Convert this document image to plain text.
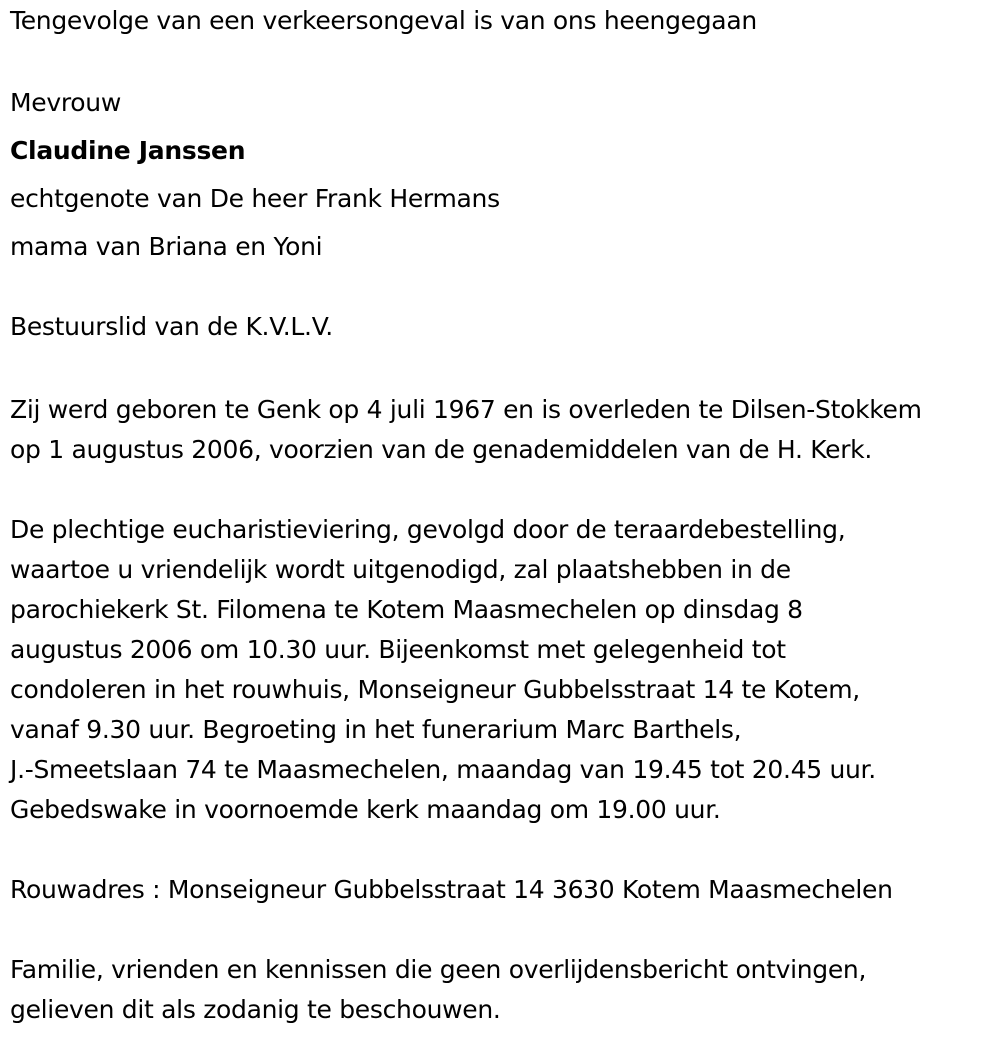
Tengevolge van een verkeersongeval is van ons heengegaan
Mevrouw
Claudine Janssen
echtgenote van De heer Frank Hermans
mama van Briana en Yoni
Bestuurslid van de K.V.L.V.
Zij werd geboren te Genk op 4 juli 1967 en is overleden te Dilsen-Stokkem
op 1 augustus 2006, voorzien van de genademiddelen van de H. Kerk.
De plechtige eucharistieviering, gevolgd door de teraardebestelling,
waartoe u vriendelijk wordt uitgenodigd, zal plaatshebben in de
parochiekerk St. Filomena te Kotem Maasmechelen op dinsdag 8
augustus 2006 om 10.30 uur. Bijeenkomst met gelegenheid tot
condoleren in het rouwhuis, Monseigneur Gubbelsstraat 14 te Kotem,
vanaf 9.30 uur. Begroeting in het funerarium Marc Barthels,
J.-Smeetslaan 74 te Maasmechelen, maandag van 19.45 tot 20.45 uur.
Gebedswake in voornoemde kerk maandag om 19.00 uur.
Rouwadres : Monseigneur Gubbelsstraat 14 3630 Kotem Maasmechelen
Familie, vrienden en kennissen die geen overlijdensbericht ontvingen,
gelieven dit als zodanig te beschouwen.
